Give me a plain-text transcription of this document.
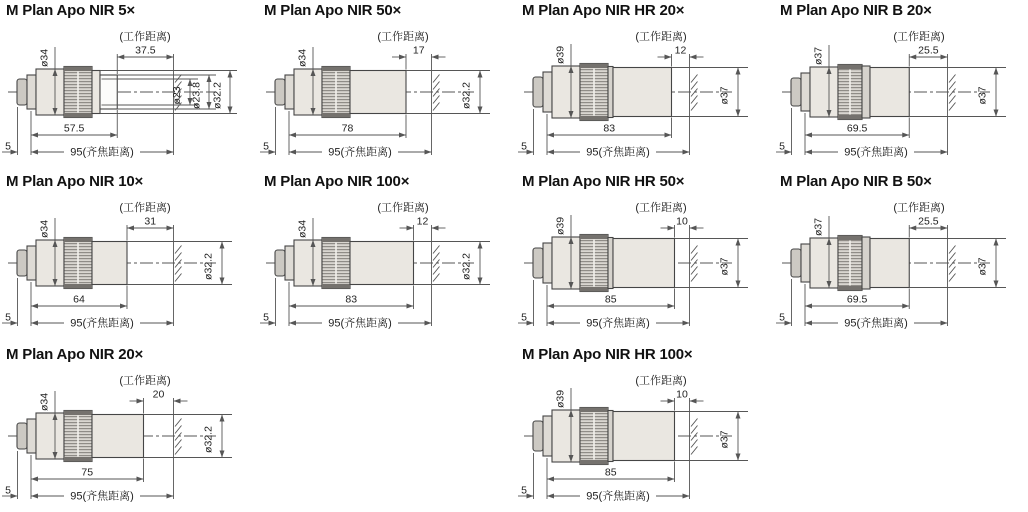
M Plan Apo NIR 5×
ø34	37.5
(工作距离)
ø23 ø23.8 ø32.2
57.5
95(齐焦距离)
5
M Plan Apo NIR 50×
ø34	17
(工作距离)
ø32.2
78
95(齐焦距离)
5
M Plan Apo NIR HR 20×
ø39	12
(工作距离)
ø37
83
95(齐焦距离)
5
M Plan Apo NIR B 20×
ø37	25.5
(工作距离)
ø37
69.5
95(齐焦距离)
5
M Plan Apo NIR 10×
ø34	31
(工作距离)
ø32.2
64
95(齐焦距离)
5
M Plan Apo NIR 100×
ø34	12
(工作距离)
ø32.2
83
95(齐焦距离)
5
M Plan Apo NIR HR 50×
ø39	10
(工作距离)
ø37
85
95(齐焦距离)
5
M Plan Apo NIR B 50×
ø37	25.5
(工作距离)
ø37
69.5
95(齐焦距离)
5
M Plan Apo NIR 20×
ø34	20
(工作距离)
ø32.2
75
95(齐焦距离)
5
M Plan Apo NIR HR 100×
ø39	10
(工作距离)
ø37
85
95(齐焦距离)
5
